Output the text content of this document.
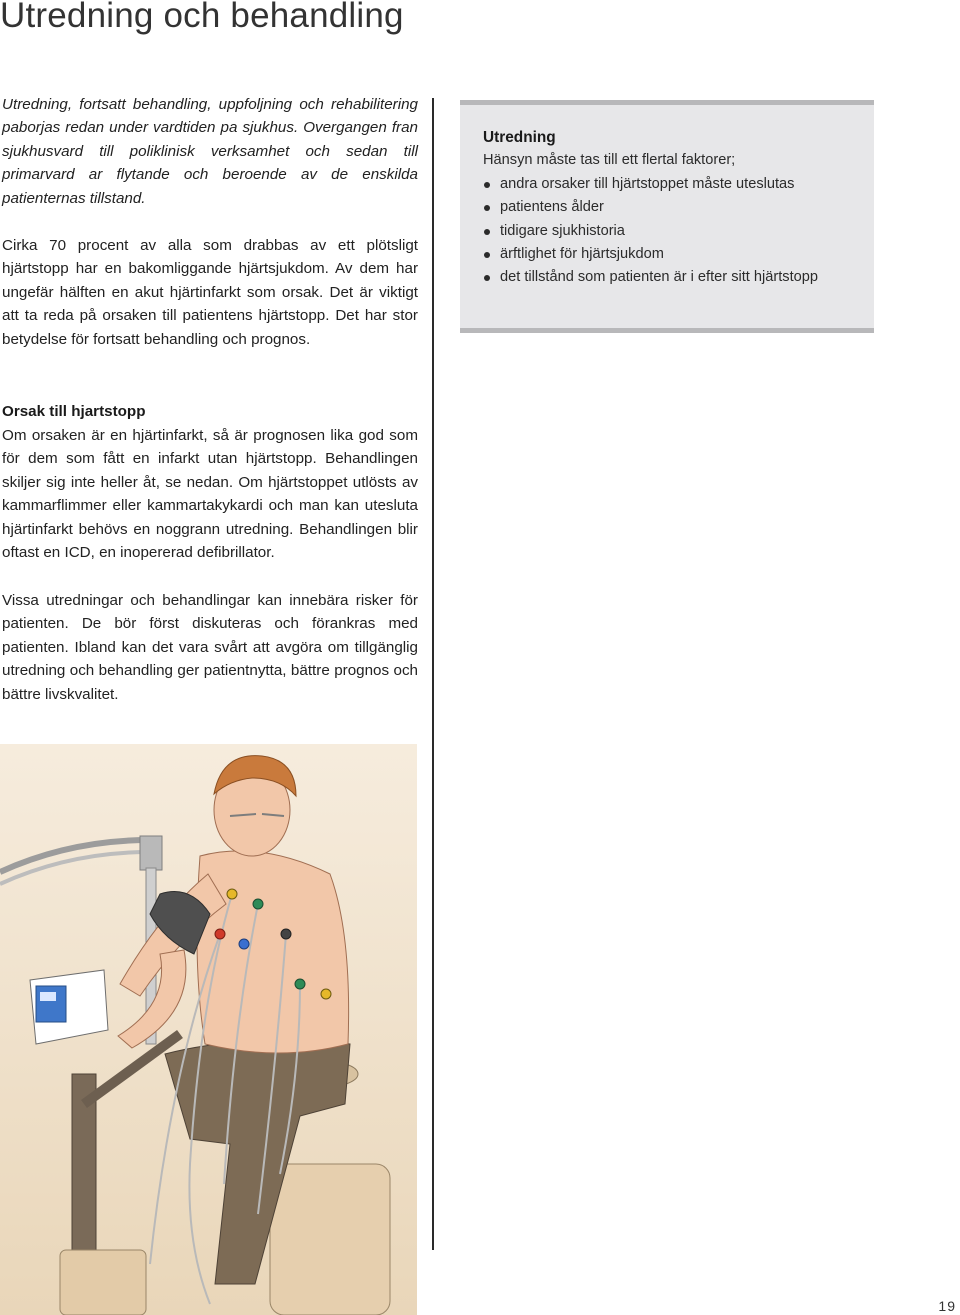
Utredning och behandling

Utredning, fortsatt behandling, uppfoljning och rehabilitering paborjas redan under vardtiden pa sjukhus. Overgangen fran sjukhusvard till poliklinisk verksamhet och sedan till primarvard ar flytande och beroende av de enskilda patienternas tillstand.

Cirka 70 procent av alla som drabbas av ett plötsligt hjärtstopp har en bakomliggande hjärtsjukdom. Av dem har ungefär hälften en akut hjärtinfarkt som orsak. Det är viktigt att ta reda på orsaken till patientens hjärtstopp. Det har stor betydelse för fortsatt behandling och prognos.

Orsak till hjartstopp

Om orsaken är en hjärtinfarkt, så är prognosen lika god som för dem som fått en infarkt utan hjärtstopp. Behandlingen skiljer sig inte heller åt, se nedan. Om hjärtstoppet utlösts av kammarflimmer eller kammartakykardi och man kan utesluta hjärtinfarkt behövs en noggrann utredning. Behandlingen blir oftast en ICD, en inopererad defibrillator.

Vissa utredningar och behandlingar kan innebära risker för patienten. De bör först diskuteras och förankras med patienten. Ibland kan det vara svårt att avgöra om tillgänglig utredning och behandling ger patientnytta, bättre prognos och bättre livskvalitet.

Utredning

Hänsyn måste tas till ett flertal faktorer;

andra orsaker till hjärtstoppet måste uteslutas
patientens ålder
tidigare sjukhistoria
ärftlighet för hjärtsjukdom
det tillstånd som patienten är i efter sitt hjärtstopp
19
